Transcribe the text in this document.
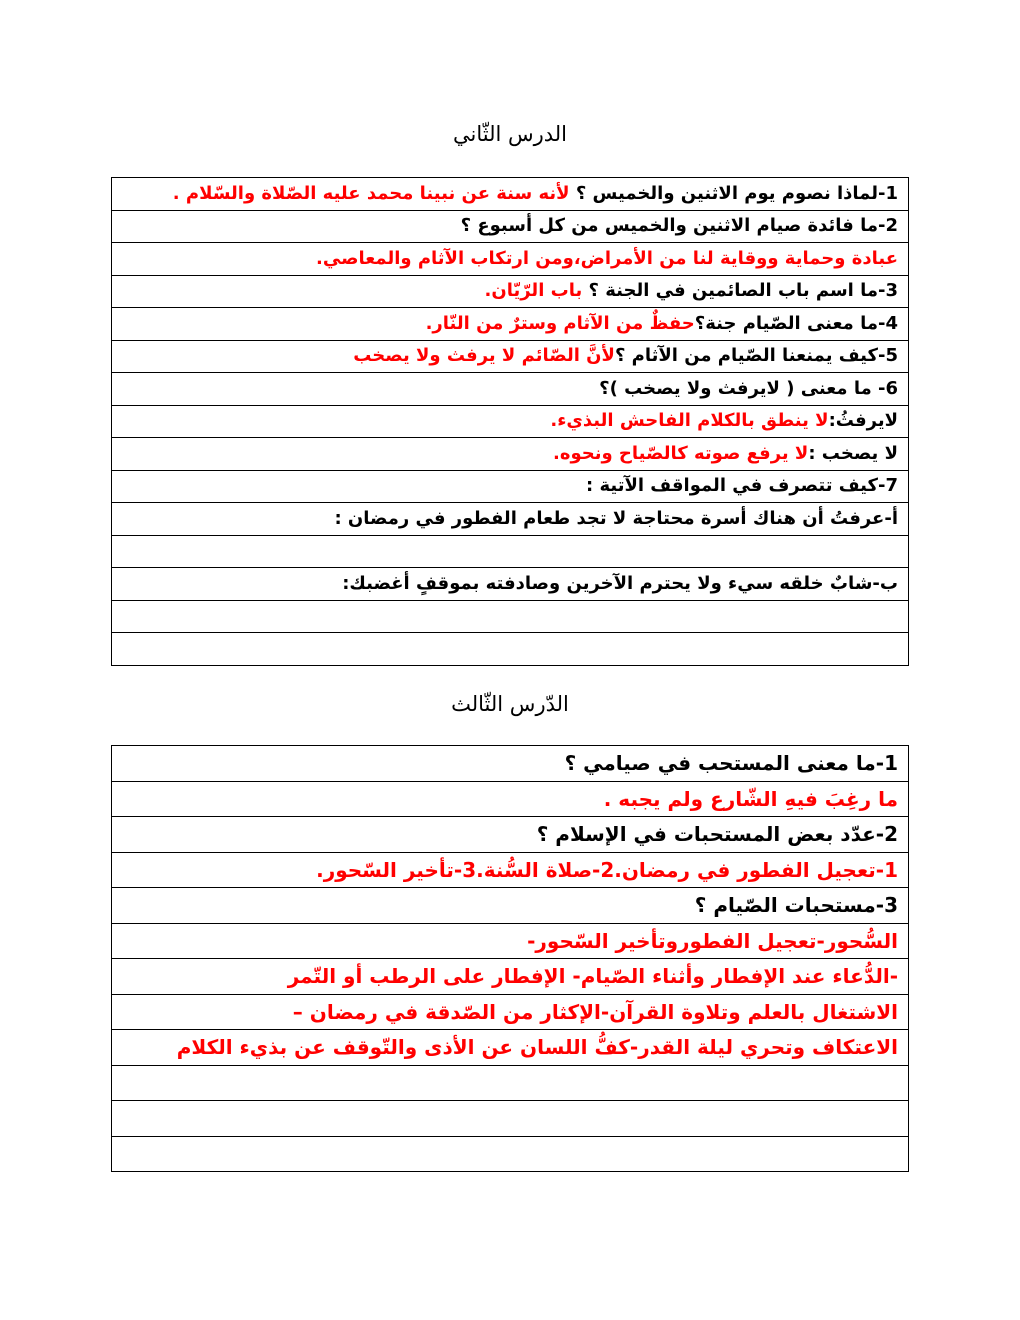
الدرس الثّاني
1-لماذا نصوم يوم الاثنين والخميس ؟ لأنه سنة عن نبينا محمد عليه الصّلاة والسّلام .
2-ما فائدة صيام الاثنين والخميس من كل أسبوع ؟
عبادة وحماية ووقاية لنا من الأمراض،ومن ارتكاب الآثام والمعاصي.
3-ما اسم باب الصائمين في الجنة ؟ باب الرّيّان.
4-ما معنى الصّيام جنة؟حفظٌ من الآثام وسترٌ من النّار.
5-كيف يمنعنا الصّيام من الآثام ؟لأنَّ الصّائم لا يرفث ولا يصخب
6- ما معنى ( لايرفث ولا يصخب )؟
لايرفثُ:لا ينطق بالكلام الفاحش البذيء.
لا يصخب :لا يرفع صوته كالصّياح ونحوه.
7-كيف تتصرف في المواقف الآتية :
أ-عرفتُ أن هناك أسرة محتاجة لا تجد طعام الفطور في رمضان :

ب-شابٌ خلقه سيء ولا يحترم الآخرين وصادفته بموقفٍ أغضبك:

الدّرس الثّالث
1-ما معنى المستحب في صيامي ؟
ما رغِبَ فيهِ الشّارع ولم يجبه .
2-عدّد بعض المستحبات في الإسلام ؟
1-تعجيل الفطور في رمضان.2-صلاة السُّنة.3-تأخير السّحور.
3-مستحبات الصّيام ؟
السُّحور-تعجيل الفطوروتأخير السّحور-
-الدُّعاء عند الإفطار وأثناء الصّيام- الإفطار على الرطب أو التّمر
الاشتغال بالعلم وتلاوة القرآن-الإكثار من الصّدقة في رمضان –
الاعتكاف وتحري ليلة القدر-كفُّ اللسان عن الأذى والتّوقف عن بذيء الكلام
